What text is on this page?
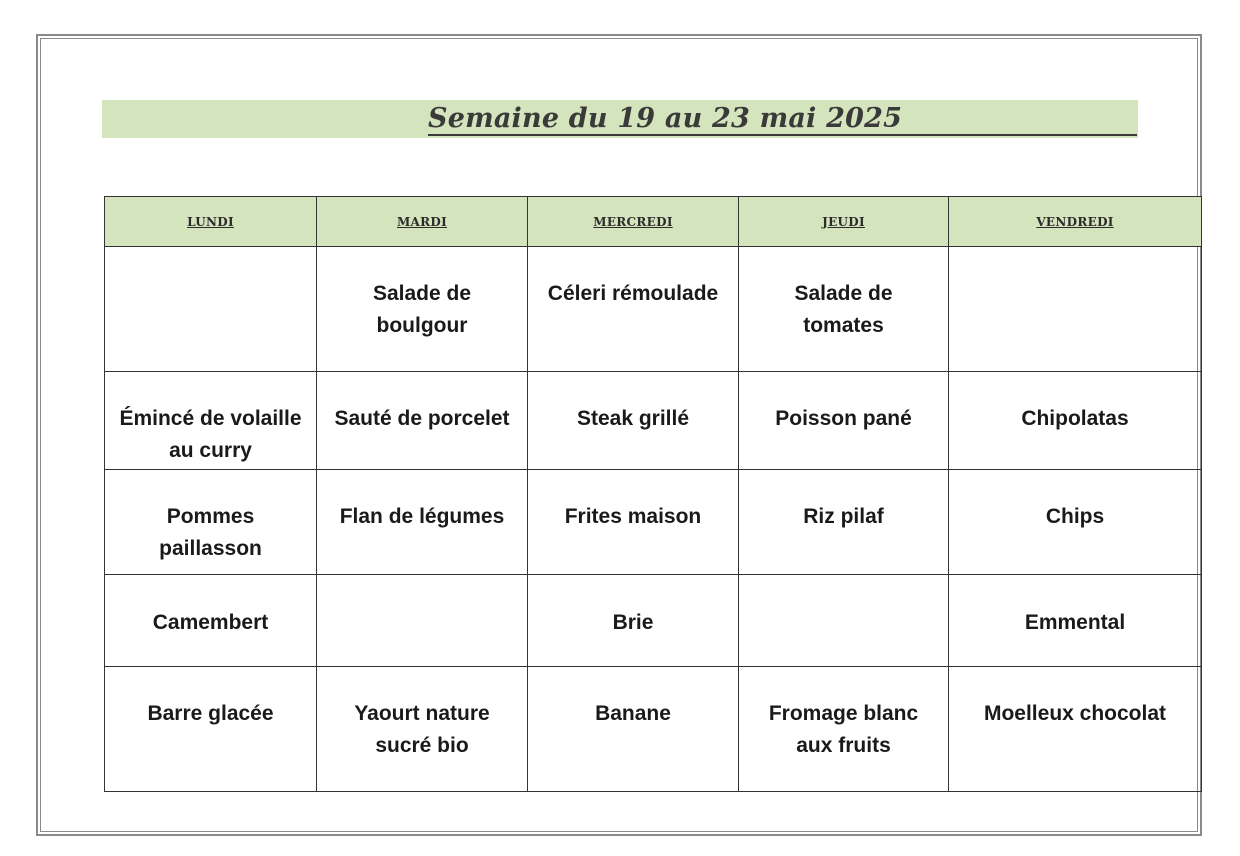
Semaine du 19 au 23 mai 2025
LUNDI	MARDI	MERCREDI	JEUDI	VENDREDI

	Salade de boulgour	Céleri rémoulade	Salade de tomates	

Émincé de volaille au curry	Sauté de porcelet	Steak grillé	Poisson pané	Chipolatas

Pommes paillasson	Flan de légumes	Frites maison	Riz pilaf	Chips

Camembert		Brie		Emmental

Barre glacée	Yaourt nature sucré bio	Banane	Fromage blanc aux fruits	Moelleux chocolat
